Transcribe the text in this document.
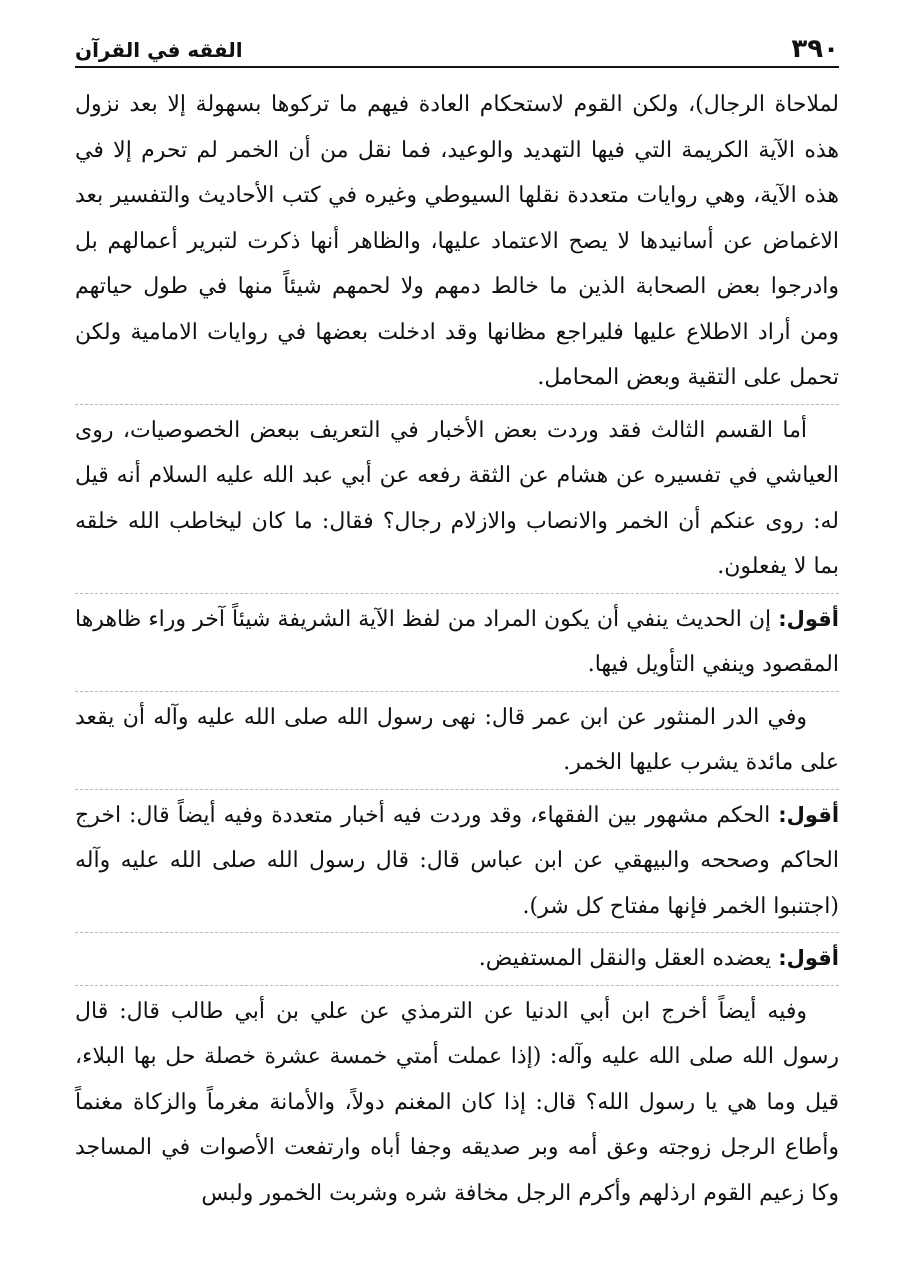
٣٩٠
الفقه في القرآن

لملاحاة الرجال)، ولكن القوم لاستحكام العادة فيهم ما تركوها بسهولة إلا بعد نزول هذه الآية الكريمة التي فيها التهديد والوعيد، فما نقل من أن الخمر لم تحرم إلا في هذه الآية، وهي روايات متعددة نقلها السيوطي وغيره في كتب الأحاديث والتفسير بعد الاغماض عن أسانيدها لا يصح الاعتماد عليها، والظاهر أنها ذكرت لتبرير أعمالهم بل وادرجوا بعض الصحابة الذين ما خالط دمهم ولا لحمهم شيئاً منها في طول حياتهم ومن أراد الاطلاع عليها فليراجع مظانها وقد ادخلت بعضها في روايات الامامية ولكن تحمل على التقية وبعض المحامل.

أما القسم الثالث فقد وردت بعض الأخبار في التعريف ببعض الخصوصيات، روى العياشي في تفسيره عن هشام عن الثقة رفعه عن أبي عبد الله عليه السلام أنه قيل له: روى عنكم أن الخمر والانصاب والازلام رجال؟ فقال: ما كان ليخاطب الله خلقه بما لا يفعلون.

أقول: إن الحديث ينفي أن يكون المراد من لفظ الآية الشريفة شيئاً آخر وراء ظاهرها المقصود وينفي التأويل فيها.

وفي الدر المنثور عن ابن عمر قال: نهى رسول الله صلى الله عليه وآله أن يقعد على مائدة يشرب عليها الخمر.

أقول: الحكم مشهور بين الفقهاء، وقد وردت فيه أخبار متعددة وفيه أيضاً قال: اخرج الحاكم وصححه والبيهقي عن ابن عباس قال: قال رسول الله صلى الله عليه وآله (اجتنبوا الخمر فإنها مفتاح كل شر).

أقول: يعضده العقل والنقل المستفيض.

وفيه أيضاً أخرج ابن أبي الدنيا عن الترمذي عن علي بن أبي طالب قال: قال رسول الله صلى الله عليه وآله: (إذا عملت أمتي خمسة عشرة خصلة حل بها البلاء، قيل وما هي يا رسول الله؟ قال: إذا كان المغنم دولاً، والأمانة مغرماً والزكاة مغنماً وأطاع الرجل زوجته وعق أمه وبر صديقه وجفا أباه وارتفعت الأصوات في المساجد وكا زعيم القوم ارذلهم وأكرم الرجل مخافة شره وشربت الخمور ولبس
